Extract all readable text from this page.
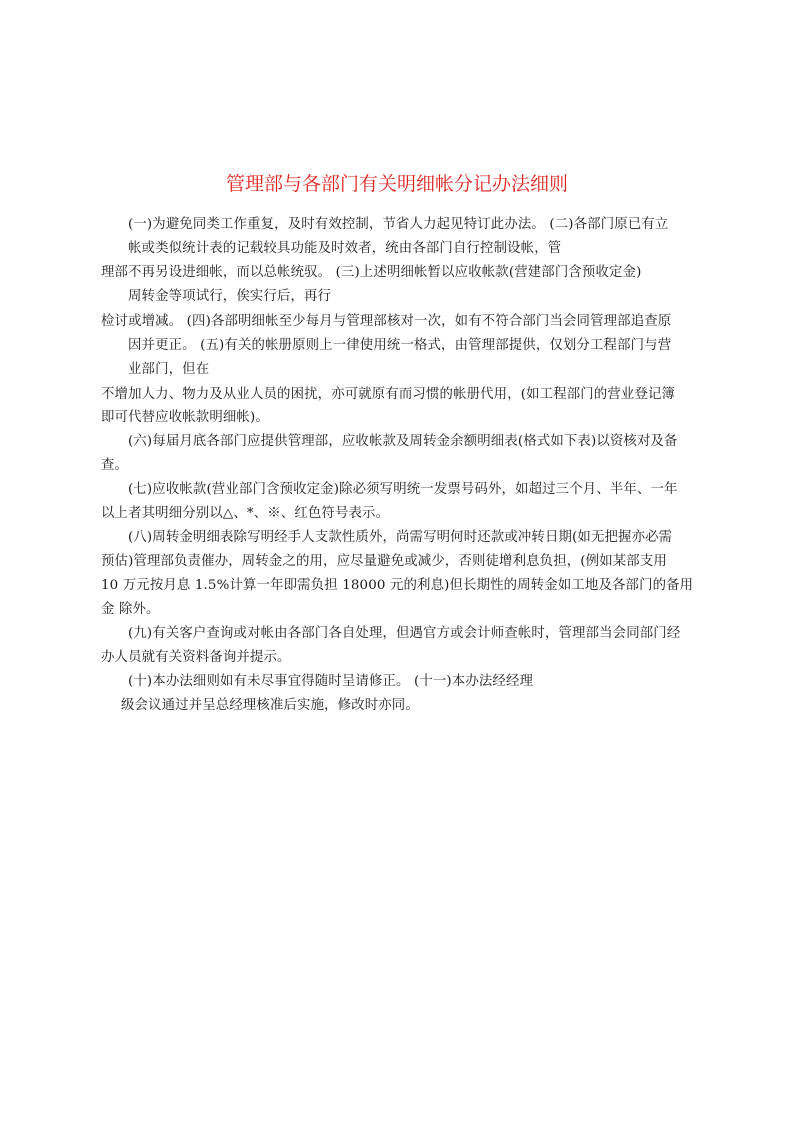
管理部与各部门有关明细帐分记办法细则
(一)为避免同类工作重复，及时有效控制，节省人力起见特订此办法。 (二)各部门原已有立
帐或类似统计表的记载较具功能及时效者，统由各部门自行控制设帐，管
理部不再另设进细帐，而以总帐统驭。 (三)上述明细帐暂以应收帐款(营建部门含预收定金)
周转金等项试行，俟实行后，再行
检讨或增减。 (四)各部明细帐至少每月与管理部核对一次，如有不符合部门当会同管理部追查原
因并更正。 (五)有关的帐册原则上一律使用统一格式，由管理部提供，仅划分工程部门与营
业部门，但在
不增加人力、物力及从业人员的困扰，亦可就原有而习惯的帐册代用，(如工程部门的营业登记簿
即可代替应收帐款明细帐)。
(六)每届月底各部门应提供管理部，应收帐款及周转金余额明细表(格式如下表)以资核对及备
查。
(七)应收帐款(营业部门含预收定金)除必须写明统一发票号码外，如超过三个月、半年、一年
以上者其明细分别以△、*、※、红色符号表示。
(八)周转金明细表除写明经手人支款性质外，尚需写明何时还款或冲转日期(如无把握亦必需
预估)管理部负责催办，周转金之的用，应尽量避免或减少，否则徒增利息负担，(例如某部支用
10 万元按月息 1.5%计算一年即需负担 18000 元的利息)但长期性的周转金如工地及各部门的备用
金 除外。
(九)有关客户查询或对帐由各部门各自处理，但遇官方或会计师查帐时，管理部当会同部门经
办人员就有关资料备询并提示。
(十)本办法细则如有未尽事宜得随时呈请修正。 (十一)本办法经经理
级会议通过并呈总经理核准后实施，修改时亦同。
